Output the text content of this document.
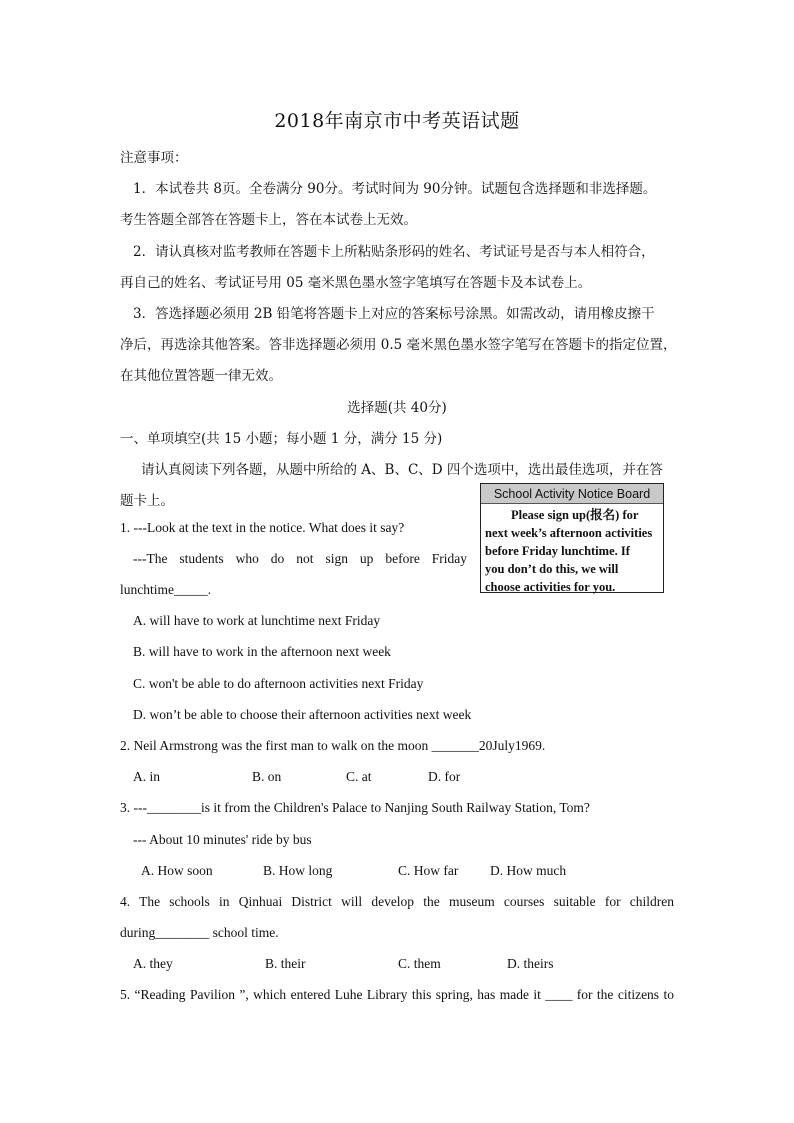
2018年南京市中考英语试题
注意事项：
1．本试卷共 8页。全卷满分 90分。考试时间为 90分钟。试题包含选择题和非选择题。
考生答题全部答在答题卡上，答在本试卷上无效。
2．请认真核对监考教师在答题卡上所粘贴条形码的姓名、考试证号是否与本人相符合，
再自己的姓名、考试证号用 05 毫米黑色墨水签字笔填写在答题卡及本试卷上。
3．答选择题必须用 2B 铅笔将答题卡上对应的答案标号涂黑。如需改动，请用橡皮擦干
净后，再选涂其他答案。答非选择题必须用 0.5 毫米黑色墨水签字笔写在答题卡的指定位置，
在其他位置答题一律无效。
选择题(共 40分)
一、单项填空(共 15 小题；每小题 1 分，满分 15 分)
请认真阅读下列各题，从题中所给的 A、B、C、D 四个选项中，选出最佳选项，并在答
题卡上。	School Activity Notice Board
Please sign up(报名) for
next week’s afternoon activities
before Friday lunchtime. If
you don’t do this, we will
choose activities for you.
1. ---Look at the text in the notice. What does it say?
---The students who do not sign up before Friday
lunchtime_____.
A. will have to work at lunchtime next Friday
B. will have to work in the afternoon next week
C. won't be able to do afternoon activities next Friday
D. won’t be able to choose their afternoon activities next week
2. Neil Armstrong was the first man to walk on the moon _______20July1969.
A. in	B. on	C. at	D. for
3. ---________is it from the Children's Palace to Nanjing South Railway Station, Tom?
--- About 10 minutes' ride by bus
A. How soon	B. How long	C. How far D. How much
4. The schools in Qinhuai District will develop the museum courses suitable for children
during________ school time.
A. they	B. their	C. them	D. theirs
5. “Reading Pavilion ”, which entered Luhe Library this spring, has made it ____ for the citizens to
